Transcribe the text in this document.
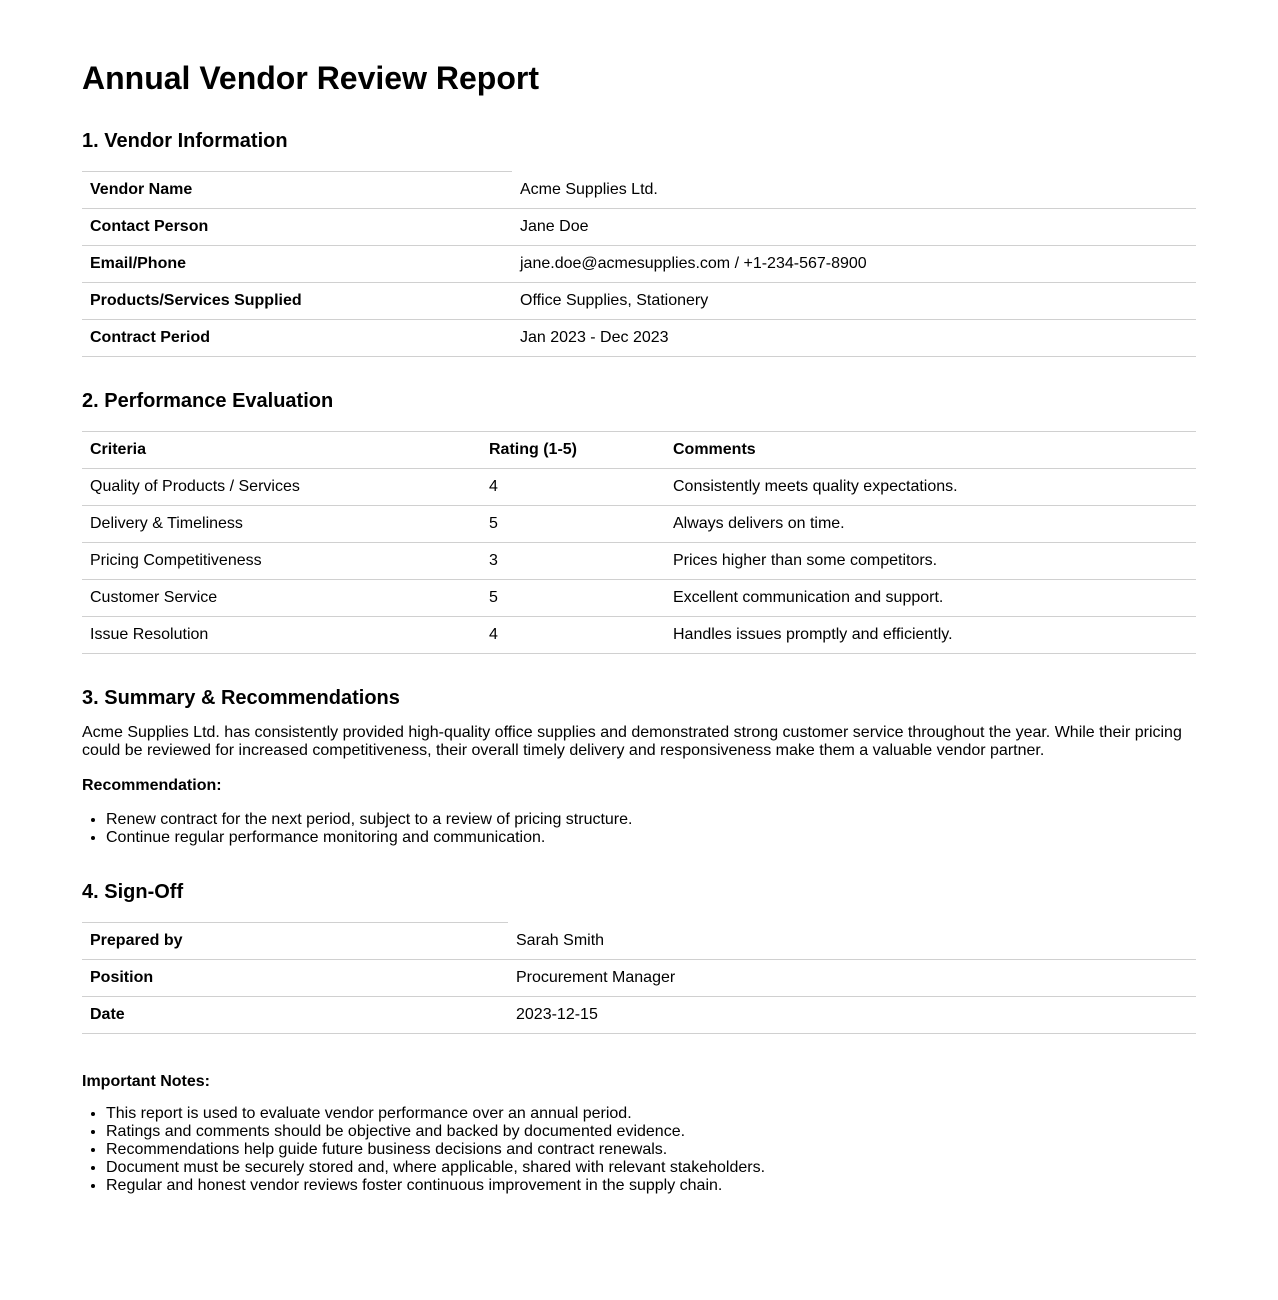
Annual Vendor Review Report
1. Vendor Information
Vendor Name	Acme Supplies Ltd.
Contact Person	Jane Doe
Email/Phone	jane.doe@acmesupplies.com / +1-234-567-8900
Products/Services Supplied	Office Supplies, Stationery
Contract Period	Jan 2023 - Dec 2023
2. Performance Evaluation
Criteria	Rating (1-5)	Comments
Quality of Products / Services	4	Consistently meets quality expectations.
Delivery & Timeliness	5	Always delivers on time.
Pricing Competitiveness	3	Prices higher than some competitors.
Customer Service	5	Excellent communication and support.
Issue Resolution	4	Handles issues promptly and efficiently.
3. Summary & Recommendations

Acme Supplies Ltd. has consistently provided high-quality office supplies and demonstrated strong customer service throughout the year. While their pricing could be reviewed for increased competitiveness, their overall timely delivery and responsiveness make them a valuable vendor partner.

Recommendation:
• Renew contract for the next period, subject to a review of pricing structure.
• Continue regular performance monitoring and communication.
4. Sign-Off
Prepared by	Sarah Smith
Position	Procurement Manager
Date	2023-12-15
Important Notes:
• This report is used to evaluate vendor performance over an annual period.
• Ratings and comments should be objective and backed by documented evidence.
• Recommendations help guide future business decisions and contract renewals.
• Document must be securely stored and, where applicable, shared with relevant stakeholders.
• Regular and honest vendor reviews foster continuous improvement in the supply chain.
